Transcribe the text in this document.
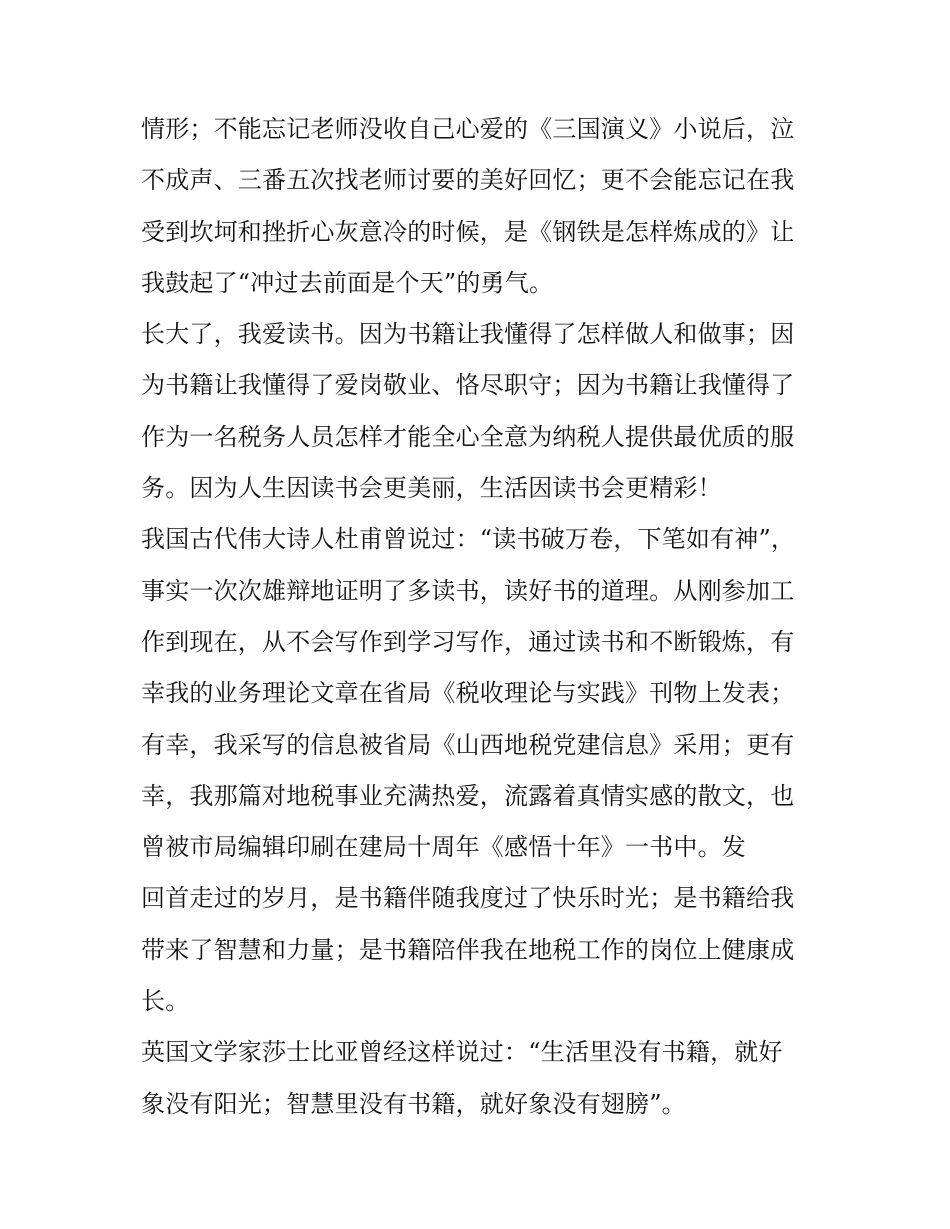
情形；不能忘记老师没收自己心爱的《三国演义》小说后，泣
不成声、三番五次找老师讨要的美好回忆；更不会能忘记在我
受到坎坷和挫折心灰意冷的时候，是《钢铁是怎样炼成的》让
我鼓起了“冲过去前面是个天”的勇气。
长大了，我爱读书。因为书籍让我懂得了怎样做人和做事；因
为书籍让我懂得了爱岗敬业、恪尽职守；因为书籍让我懂得了
作为一名税务人员怎样才能全心全意为纳税人提供最优质的服
务。因为人生因读书会更美丽，生活因读书会更精彩！
我国古代伟大诗人杜甫曾说过：“读书破万卷，下笔如有神”，
事实一次次雄辩地证明了多读书，读好书的道理。从刚参加工
作到现在，从不会写作到学习写作，通过读书和不断锻炼，有
幸我的业务理论文章在省局《税收理论与实践》刊物上发表；
有幸，我采写的信息被省局《山西地税党建信息》采用；更有
幸，我那篇对地税事业充满热爱，流露着真情实感的散文，也
曾被市局编辑印刷在建局十周年《感悟十年》一书中。发
回首走过的岁月，是书籍伴随我度过了快乐时光；是书籍给我
带来了智慧和力量；是书籍陪伴我在地税工作的岗位上健康成
长。
英国文学家莎士比亚曾经这样说过：“生活里没有书籍，就好
象没有阳光；智慧里没有书籍，就好象没有翅膀”。
